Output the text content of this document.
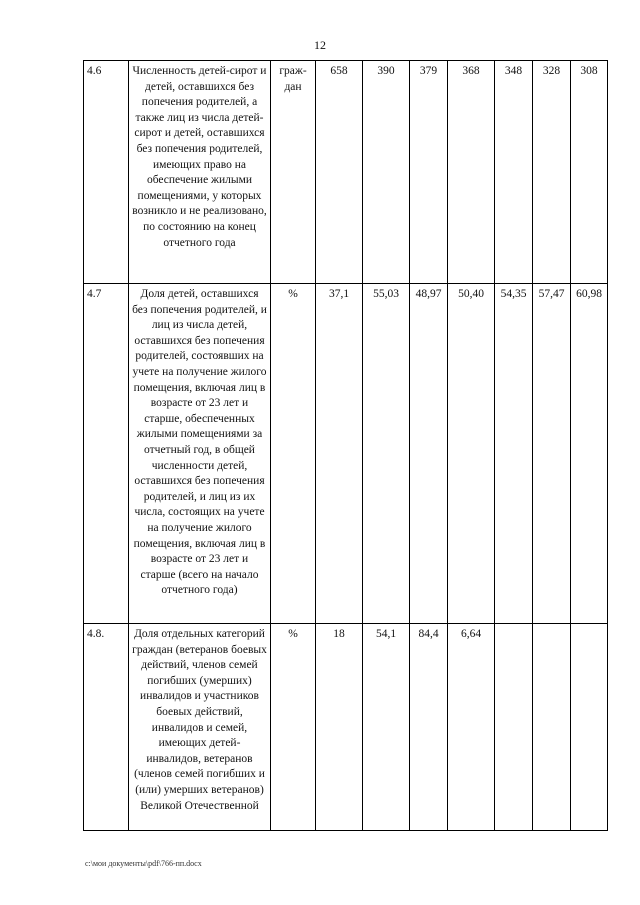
12
4.6	Численность детей-сирот и детей, оставшихся без попечения родителей, а также лиц из числа детей-сирот и детей, оставшихся без попечения родителей, имеющих право на обеспечение жилыми помещениями, у которых возникло и не реализовано, по состоянию на конец отчетного года	граж-дан	658	390	379	368	348	328	308
4.7	Доля детей, оставшихся без попечения родителей, и лиц из числа детей, оставшихся без попечения родителей, состоявших на учете на получение жилого помещения, включая лиц в возрасте от 23 лет и старше, обеспеченных жилыми помещениями за отчетный год, в общей численности детей, оставшихся без попечения родителей, и лиц из их числа, состоящих на учете на получение жилого помещения, включая лиц в возрасте от 23 лет и старше (всего на начало отчетного года)	%	37,1	55,03	48,97	50,40	54,35	57,47	60,98
4.8.	Доля отдельных категорий граждан (ветеранов боевых действий, членов семей погибших (умерших) инвалидов и участников боевых действий, инвалидов и семей, имеющих детей-инвалидов, ветеранов (членов семей погибших и (или) умерших ветеранов) Великой Отечественной	%	18	54,1	84,4	6,64			
c:\мои документы\pdf\766-пп.docx
